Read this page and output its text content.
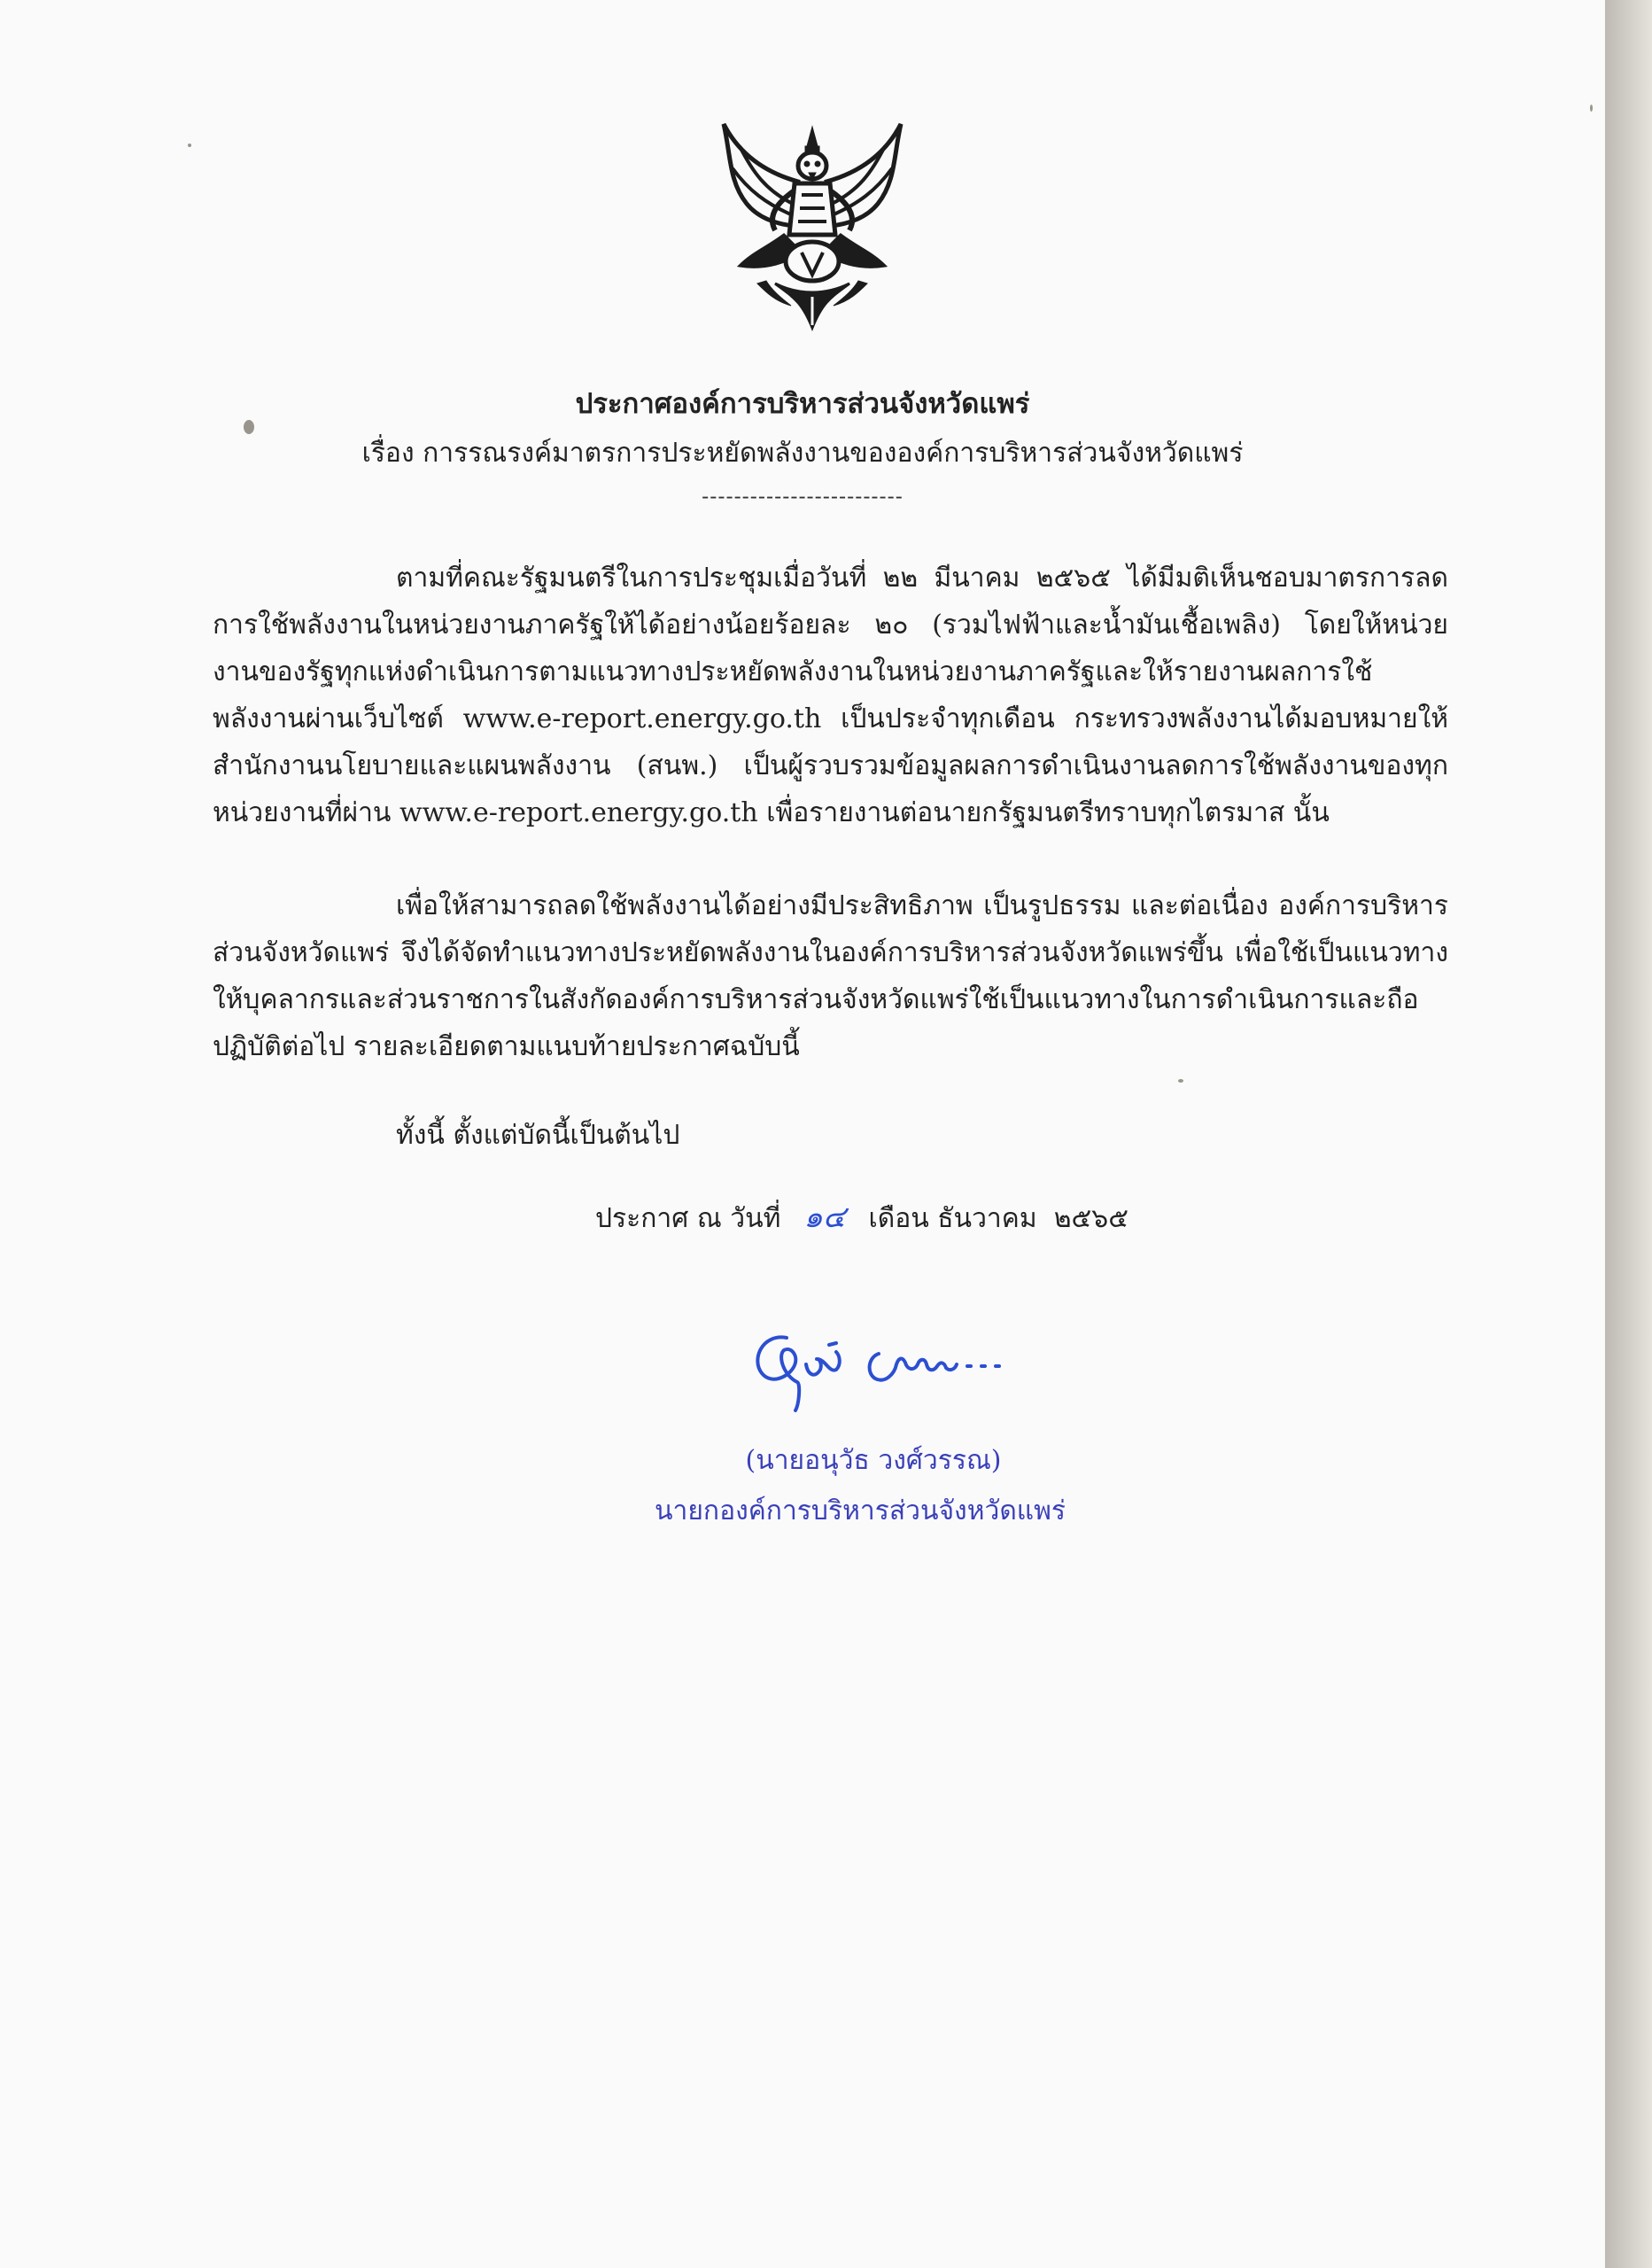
ประกาศองค์การบริหารส่วนจังหวัดแพร่

เรื่อง การรณรงค์มาตรการประหยัดพลังงานขององค์การบริหารส่วนจังหวัดแพร่

-------------------------

ตามที่คณะรัฐมนตรีในการประชุมเมื่อวันที่ ๒๒ มีนาคม ๒๕๖๕ ได้มีมติเห็นชอบมาตรการลดการใช้พลังงานในหน่วยงานภาครัฐให้ได้อย่างน้อยร้อยละ ๒๐ (รวมไฟฟ้าและน้ำมันเชื้อเพลิง) โดยให้หน่วยงานของรัฐทุกแห่งดำเนินการตามแนวทางประหยัดพลังงานในหน่วยงานภาครัฐและให้รายงานผลการใช้พลังงานผ่านเว็บไซต์ www.e-report.energy.go.th เป็นประจำทุกเดือน กระทรวงพลังงานได้มอบหมายให้สำนักงานนโยบายและแผนพลังงาน (สนพ.) เป็นผู้รวบรวมข้อมูลผลการดำเนินงานลดการใช้พลังงานของทุกหน่วยงานที่ผ่าน www.e-report.energy.go.th เพื่อรายงานต่อนายกรัฐมนตรีทราบทุกไตรมาส นั้น

เพื่อให้สามารถลดใช้พลังงานได้อย่างมีประสิทธิภาพ เป็นรูปธรรม และต่อเนื่อง องค์การบริหารส่วนจังหวัดแพร่ จึงได้จัดทำแนวทางประหยัดพลังงานในองค์การบริหารส่วนจังหวัดแพร่ขึ้น เพื่อใช้เป็นแนวทางให้บุคลากรและส่วนราชการในสังกัดองค์การบริหารส่วนจังหวัดแพร่ใช้เป็นแนวทางในการดำเนินการและถือปฏิบัติต่อไป รายละเอียดตามแนบท้ายประกาศฉบับนี้

ทั้งนี้ ตั้งแต่บัดนี้เป็นต้นไป

ประกาศ ณ วันที่ ๑๔ เดือน ธันวาคม ๒๕๖๕

(นายอนุวัธ วงศ์วรรณ)

นายกองค์การบริหารส่วนจังหวัดแพร่
